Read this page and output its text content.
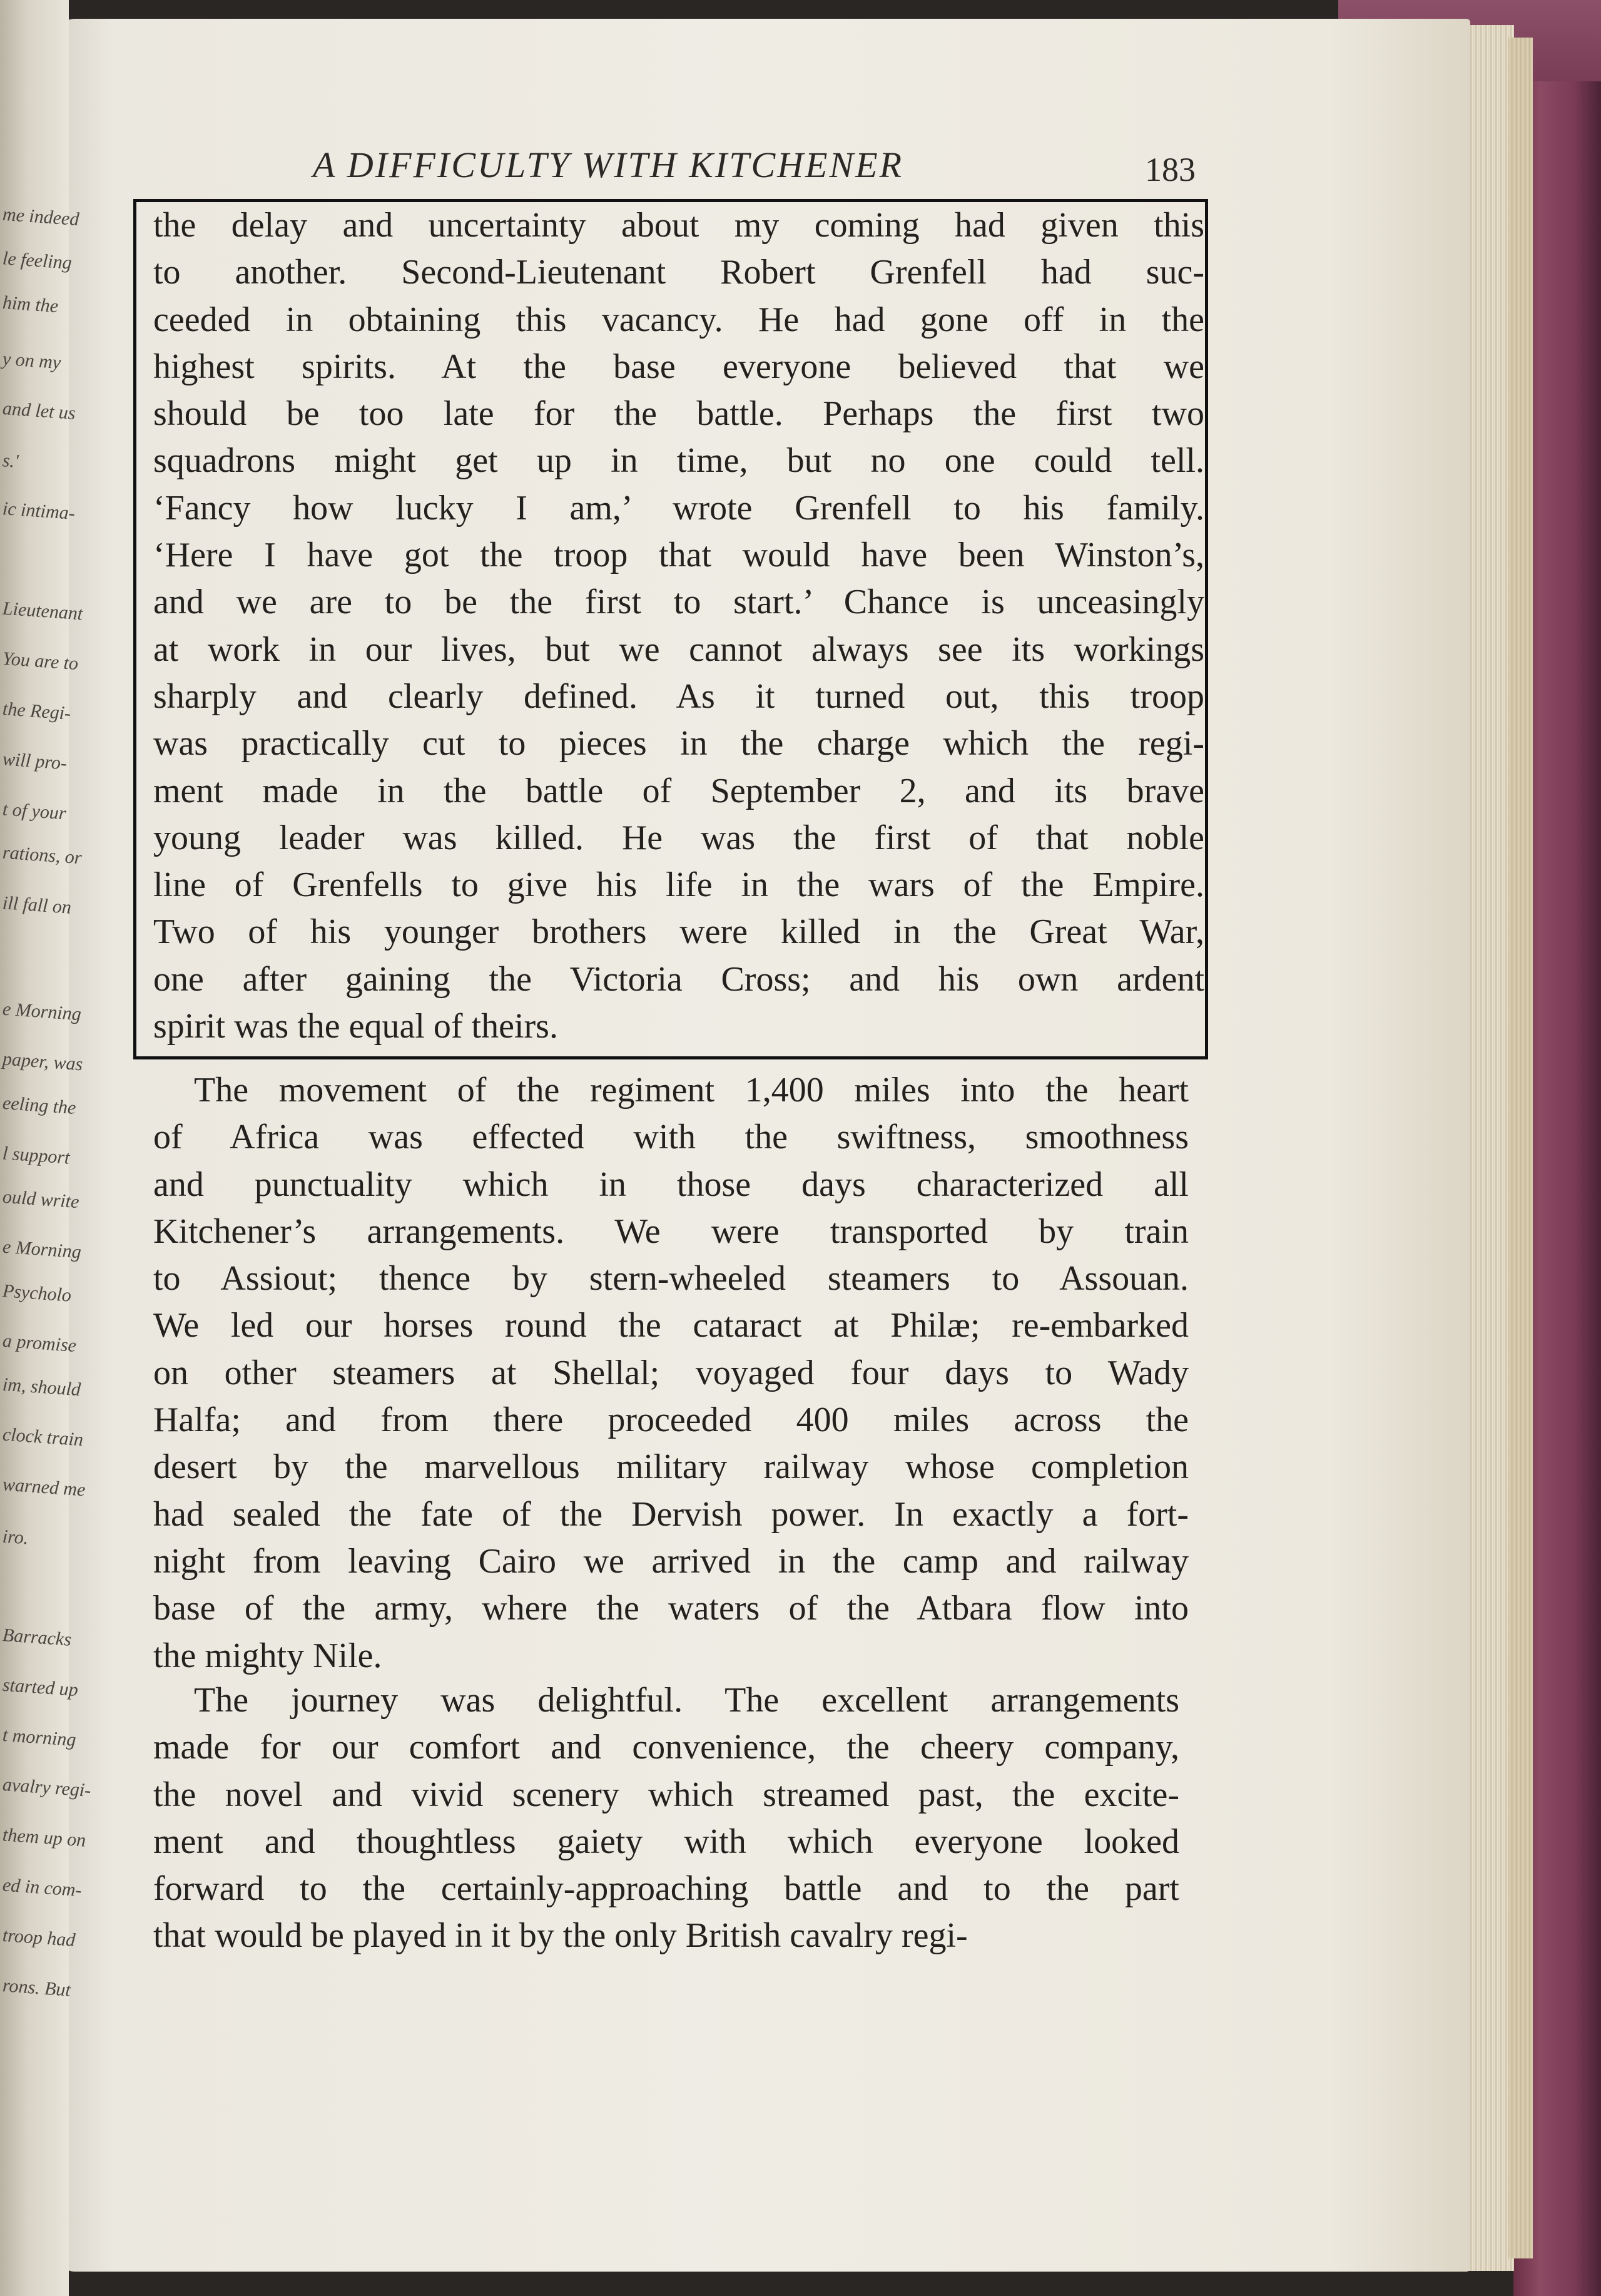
me indeed
le feeling
him the
y on my
and let us
s.'
ic intima-
Lieutenant
You are to
the Regi-
will pro-
t of your
rations, or
ill fall on
e Morning
paper, was
eeling the
l support
ould write
e Morning
Psycholo
a promise
im, should
clock train
warned me
iro.
Barracks
started up
t morning
avalry regi-
them up on
ed in com-
troop had
rons. But
A DIFFICULTY WITH KITCHENER	183
the delay and uncertainty about my coming had given this
to another. Second-Lieutenant Robert Grenfell had suc-
ceeded in obtaining this vacancy. He had gone off in the
highest spirits. At the base everyone believed that we
should be too late for the battle. Perhaps the first two
squadrons might get up in time, but no one could tell.
‘Fancy how lucky I am,’ wrote Grenfell to his family.
‘Here I have got the troop that would have been Winston’s,
and we are to be the first to start.’ Chance is unceasingly
at work in our lives, but we cannot always see its workings
sharply and clearly defined. As it turned out, this troop
was practically cut to pieces in the charge which the regi-
ment made in the battle of September 2, and its brave
young leader was killed. He was the first of that noble
line of Grenfells to give his life in the wars of the Empire.
Two of his younger brothers were killed in the Great War,
one after gaining the Victoria Cross; and his own ardent
spirit was the equal of theirs.
The movement of the regiment 1,400 miles into the heart
of Africa was effected with the swiftness, smoothness
and punctuality which in those days characterized all
Kitchener’s arrangements. We were transported by train
to Assiout; thence by stern-wheeled steamers to Assouan.
We led our horses round the cataract at Philæ; re-embarked
on other steamers at Shellal; voyaged four days to Wady
Halfa; and from there proceeded 400 miles across the
desert by the marvellous military railway whose completion
had sealed the fate of the Dervish power. In exactly a fort-
night from leaving Cairo we arrived in the camp and railway
base of the army, where the waters of the Atbara flow into
the mighty Nile.
The journey was delightful. The excellent arrangements
made for our comfort and convenience, the cheery company,
the novel and vivid scenery which streamed past, the excite-
ment and thoughtless gaiety with which everyone looked
forward to the certainly-approaching battle and to the part
that would be played in it by the only British cavalry regi-
